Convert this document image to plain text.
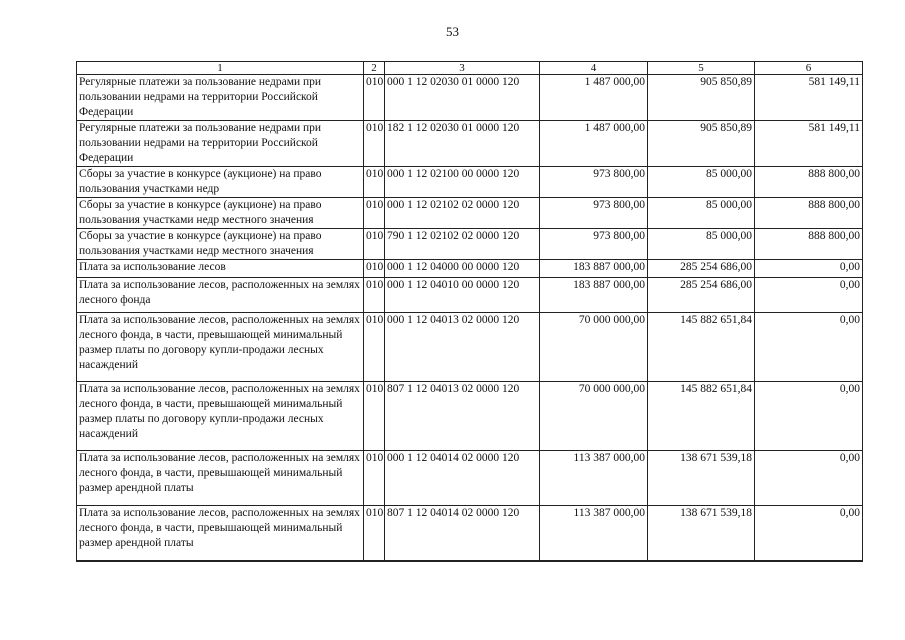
53
1	2	3	4	5	6
Регулярные платежи за пользование недрами при пользовании недрами на территории Российской Федерации	010	000 1 12 02030 01 0000 120	1 487 000,00	905 850,89	581 149,11
Регулярные платежи за пользование недрами при пользовании недрами на территории Российской Федерации	010	182 1 12 02030 01 0000 120	1 487 000,00	905 850,89	581 149,11
Сборы за участие в конкурсе (аукционе) на право пользования участками недр	010	000 1 12 02100 00 0000 120	973 800,00	85 000,00	888 800,00
Сборы за участие в конкурсе (аукционе) на право пользования участками недр местного значения	010	000 1 12 02102 02 0000 120	973 800,00	85 000,00	888 800,00
Сборы за участие в конкурсе (аукционе) на право пользования участками недр местного значения	010	790 1 12 02102 02 0000 120	973 800,00	85 000,00	888 800,00
Плата за использование лесов	010	000 1 12 04000 00 0000 120	183 887 000,00	285 254 686,00	0,00
Плата за использование лесов, расположенных на землях лесного фонда	010	000 1 12 04010 00 0000 120	183 887 000,00	285 254 686,00	0,00
Плата за использование лесов, расположенных на землях лесного фонда, в части, превышающей минимальный размер платы по договору купли-продажи лесных насаждений	010	000 1 12 04013 02 0000 120	70 000 000,00	145 882 651,84	0,00
Плата за использование лесов, расположенных на землях лесного фонда, в части, превышающей минимальный размер платы по договору купли-продажи лесных насаждений	010	807 1 12 04013 02 0000 120	70 000 000,00	145 882 651,84	0,00
Плата за использование лесов, расположенных на землях лесного фонда, в части, превышающей минимальный размер арендной платы	010	000 1 12 04014 02 0000 120	113 387 000,00	138 671 539,18	0,00
Плата за использование лесов, расположенных на землях лесного фонда, в части, превышающей минимальный размер арендной платы	010	807 1 12 04014 02 0000 120	113 387 000,00	138 671 539,18	0,00
